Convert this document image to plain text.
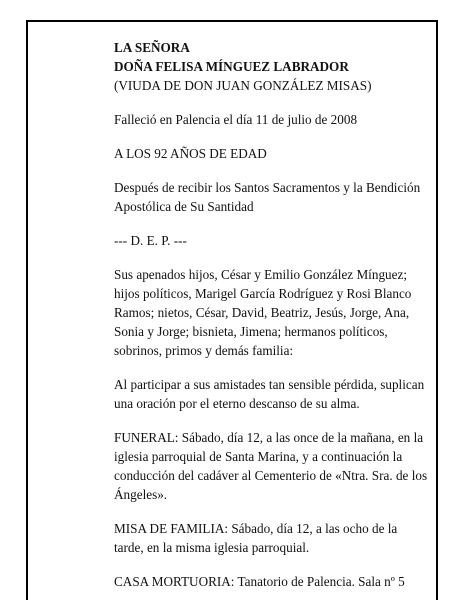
LA SEÑORA
DOÑA FELISA MÍNGUEZ LABRADOR
(VIUDA DE DON JUAN GONZÁLEZ MISAS)

Falleció en Palencia el día 11 de julio de 2008

A LOS 92 AÑOS DE EDAD

Después de recibir los Santos Sacramentos y la Bendición Apostólica de Su Santidad

--- D. E. P. ---

Sus apenados hijos, César y Emilio González Mínguez; hijos políticos, Marigel García Rodríguez y Rosi Blanco Ramos; nietos, César, David, Beatriz, Jesús, Jorge, Ana, Sonia y Jorge; bisnieta, Jimena; hermanos políticos, sobrinos, primos y demás familia:

Al participar a sus amistades tan sensible pérdida, suplican una oración por el eterno descanso de su alma.

FUNERAL: Sábado, día 12, a las once de la mañana, en la iglesia parroquial de Santa Marina, y a continuación la conducción del cadáver al Cementerio de «Ntra. Sra. de los Ángeles».

MISA DE FAMILIA: Sábado, día 12, a las ocho de la tarde, en la misma iglesia parroquial.

CASA MORTUORIA: Tanatorio de Palencia. Sala nº 5
